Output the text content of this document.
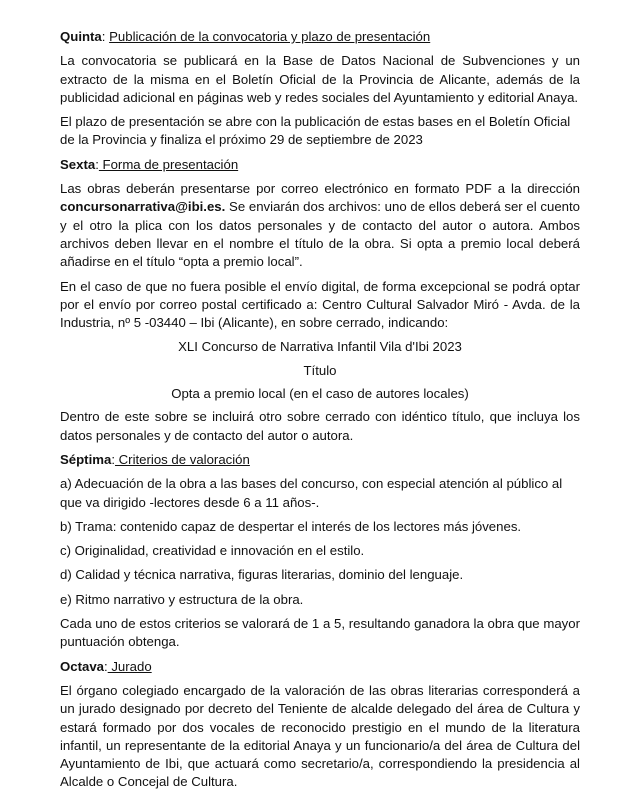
Quinta: Publicación de la convocatoria y plazo de presentación

La convocatoria se publicará en la Base de Datos Nacional de Subvenciones y un extracto de la misma en el Boletín Oficial de la Provincia de Alicante, además de la publicidad adicional en páginas web y redes sociales del Ayuntamiento y editorial Anaya.

El plazo de presentación se abre con la publicación de estas bases en el Boletín Oficial de la Provincia y finaliza el próximo 29 de septiembre de 2023

Sexta: Forma de presentación

Las obras deberán presentarse por correo electrónico en formato PDF a la dirección concursonarrativa@ibi.es. Se enviarán dos archivos: uno de ellos deberá ser el cuento y el otro la plica con los datos personales y de contacto del autor o autora. Ambos archivos deben llevar en el nombre el título de la obra. Si opta a premio local deberá añadirse en el título “opta a premio local”.

En el caso de que no fuera posible el envío digital, de forma excepcional se podrá optar por el envío por correo postal certificado a: Centro Cultural Salvador Miró - Avda. de la Industria, nº 5 -03440 – Ibi (Alicante), en sobre cerrado, indicando:

XLI Concurso de Narrativa Infantil Vila d'Ibi 2023

Título

Opta a premio local (en el caso de autores locales)

Dentro de este sobre se incluirá otro sobre cerrado con idéntico título, que incluya los datos personales y de contacto del autor o autora.

Séptima: Criterios de valoración

a) Adecuación de la obra a las bases del concurso, con especial atención al público al que va dirigido -lectores desde 6 a 11 años-.

b) Trama: contenido capaz de despertar el interés de los lectores más jóvenes.

c) Originalidad, creatividad e innovación en el estilo.

d) Calidad y técnica narrativa, figuras literarias, dominio del lenguaje.

e) Ritmo narrativo y estructura de la obra.

Cada uno de estos criterios se valorará de 1 a 5, resultando ganadora la obra que mayor puntuación obtenga.

Octava: Jurado

El órgano colegiado encargado de la valoración de las obras literarias corresponderá a un jurado designado por decreto del Teniente de alcalde delegado del área de Cultura y estará formado por dos vocales de reconocido prestigio en el mundo de la literatura infantil, un representante de la editorial Anaya y un funcionario/a del área de Cultura del Ayuntamiento de Ibi, que actuará como secretario/a, correspondiendo la presidencia al Alcalde o Concejal de Cultura.
